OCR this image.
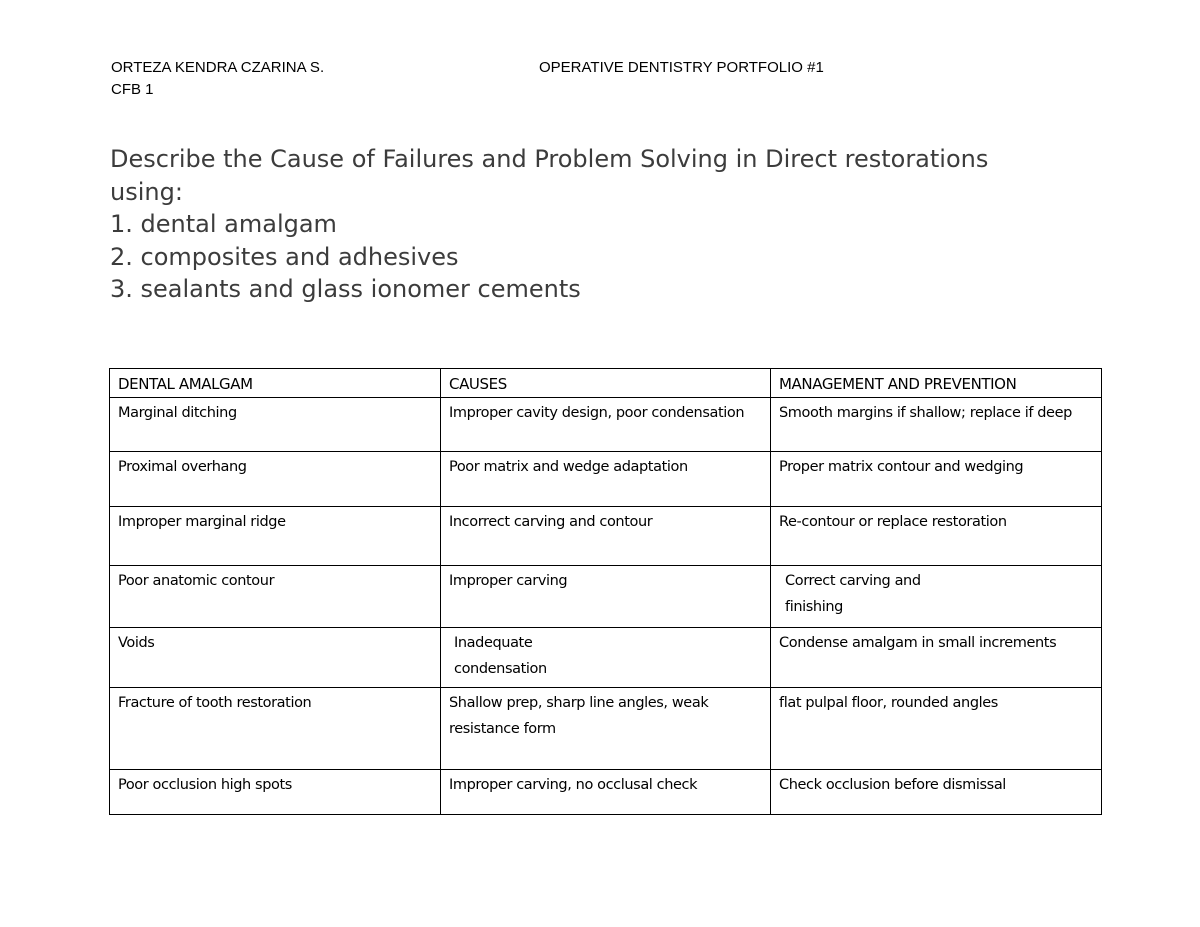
ORTEZA KENDRA CZARINA S.
CFB 1
OPERATIVE DENTISTRY PORTFOLIO #1
Describe the Cause of Failures and Problem Solving in Direct restorations
using:
1. dental amalgam
2. composites and adhesives
3. sealants and glass ionomer cements
DENTAL AMALGAM	CAUSES	MANAGEMENT AND PREVENTION
Marginal ditching	Improper cavity design, poor condensation	Smooth margins if shallow; replace if deep
Proximal overhang	Poor matrix and wedge adaptation	Proper matrix contour and wedging
Improper marginal ridge	Incorrect carving and contour	Re-contour or replace restoration
Poor anatomic contour	Improper carving	Correct carving and finishing

Voids	Inadequate condensation	Condense amalgam in small increments
Fracture of tooth restoration	Shallow prep, sharp line angles, weak resistance form	flat pulpal floor, rounded angles
Poor occlusion high spots	Improper carving, no occlusal check	Check occlusion before dismissal
